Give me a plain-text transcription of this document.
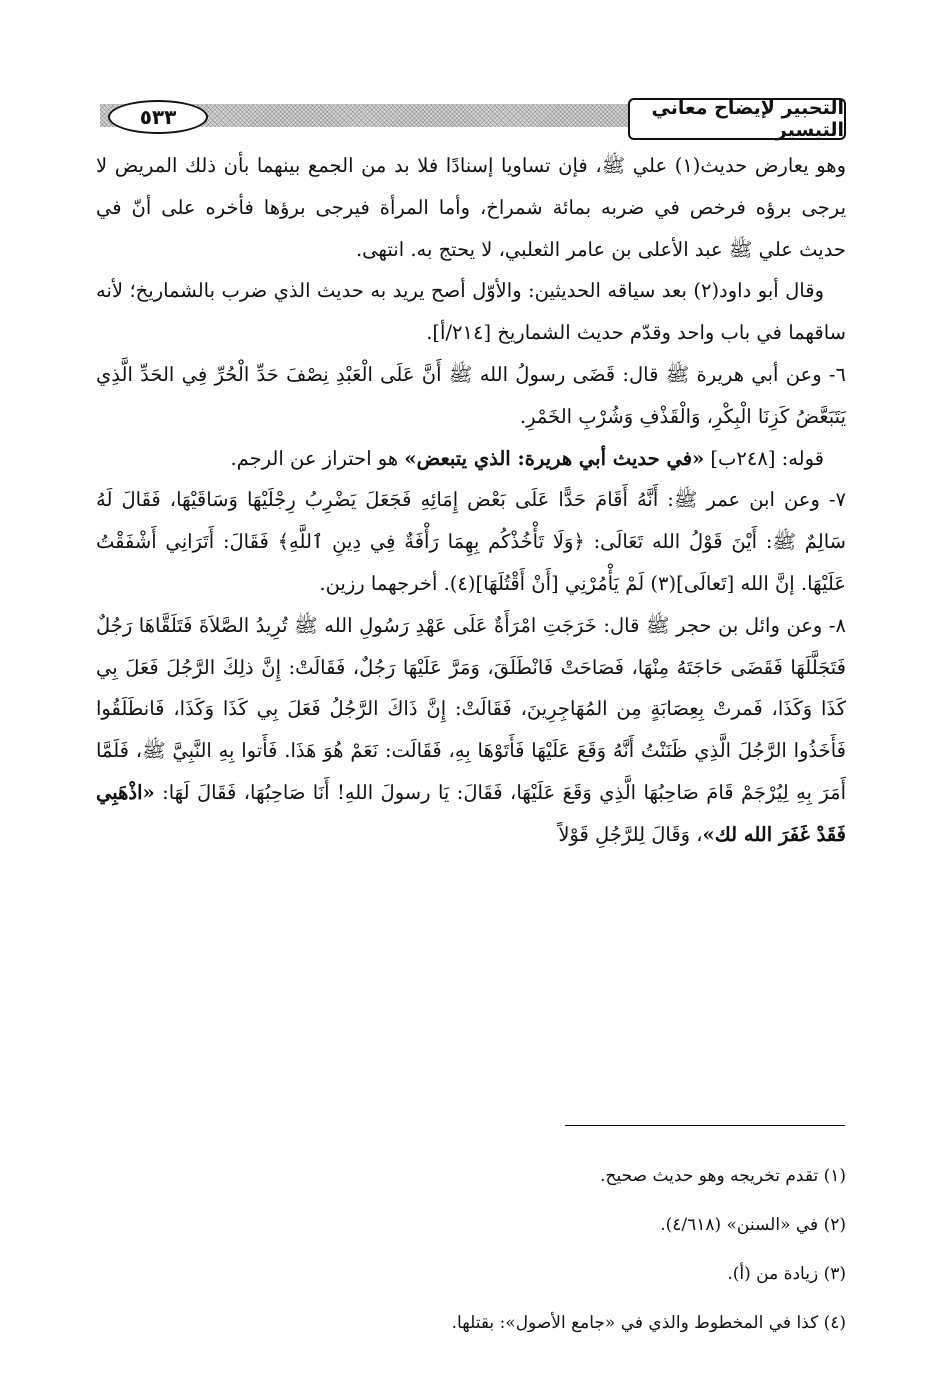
٥٣٣	التحبير لإيضاح معاني التيسير

وهو يعارض حديث(١) علي ﷺ، فإن تساويا إسنادًا فلا بد من الجمع بينهما بأن ذلك المريض لا يرجى برؤه فرخص في ضربه بمائة شمراخ، وأما المرأة فيرجى برؤها فأخره على أنّ في حديث علي ﷺ عبد الأعلى بن عامر الثعلبي، لا يحتج به. انتهى.

وقال أبو داود(٢) بعد سياقه الحديثين: والأوّل أصح يريد به حديث الذي ضرب بالشماريخ؛ لأنه ساقهما في باب واحد وقدّم حديث الشماريخ [٢١٤/أ].

٦- وعن أبي هريرة ﷺ قال: قَضَى رسولُ الله ﷺ أَنَّ عَلَى الْعَبْدِ نِصْفَ حَدِّ الْحُرِّ فِي الحَدِّ الَّذِي يَتَبَعَّضُ كَزِنَا الْبِكْرِ، وَالْقَذْفِ وَشُرْبِ الخَمْرِ.

قوله: [٢٤٨ب] «في حديث أبي هريرة: الذي يتبعض» هو احتراز عن الرجم.

٧- وعن ابن عمر ﷺ: أَنَّهُ أَقَامَ حَدًّا عَلَى بَعْض إِمَائِهِ فَجَعَلَ يَضْرِبُ رِجْلَيْهَا وَسَاقَيْهَا، فَقَالَ لَهُ سَالِمٌ ﷺ: أَيْنَ قَوْلُ الله تَعَالَى: ﴿وَلَا تَأْخُذْكُم بِهِمَا رَأْفَةٌ فِي دِينِ ٱللَّهِ﴾ فَقَالَ: أَتَرَانِي أَشْفَقْتُ عَلَيْهَا. إنَّ الله [تَعالَى](٣) لَمْ يَأْمُرْنِي [أَنْ أَقْتُلَهَا](٤). أخرجهما رزين.

٨- وعن وائل بن حجر ﷺ قال: خَرَجَتِ امْرَأَةٌ عَلَى عَهْدِ رَسُولِ الله ﷺ تُرِيدُ الصَّلاَةَ فَتَلَقَّاهَا رَجُلٌ فَتَجَلَّلَهَا فَقَضَى حَاجَتَهُ مِنْهَا، فَصَاحَتْ فَانْطَلَقَ، وَمَرَّ عَلَيْهَا رَجُلٌ، فَقَالَتْ: إِنَّ ذلِكَ الرَّجُلَ فَعَلَ بِي كَذَا وَكَذَا، فَمرتْ بِعِصَابَةٍ مِن المُهَاجِرِينَ، فَقَالَتْ: إِنَّ ذَاكَ الرَّجُلُ فَعَلَ بِي كَذَا وَكَذَا، فَانطَلَقُوا فَأَخَذُوا الرَّجُلَ الَّذِي ظَنَنْتُ أَنَّهُ وَقَعَ عَلَيْهَا فَأَتَوْهَا بِهِ، فَقَالَت: نَعَمْ هُوَ هَذَا. فَأَتوا بِهِ النَّبِيَّ ﷺ، فَلَمَّا أَمَرَ بِهِ لِيُرْجَمْ قَامَ صَاحِبُهَا الَّذِي وَقَعَ عَلَيْهَا، فَقَالَ: يَا رسولَ اللهِ! أَنَا صَاحِبُهَا، فَقَالَ لَهَا: «اذْهَبِي فَقَدْ غَفَرَ الله لك»، وَقَالَ لِلرَّجُلِ قَوْلاً

(١) تقدم تخريجه وهو حديث صحيح.

(٢) في «السنن» (٤/٦١٨).

(٣) زيادة من (أ).

(٤) كذا في المخطوط والذي في «جامع الأصول»: بقتلها.
